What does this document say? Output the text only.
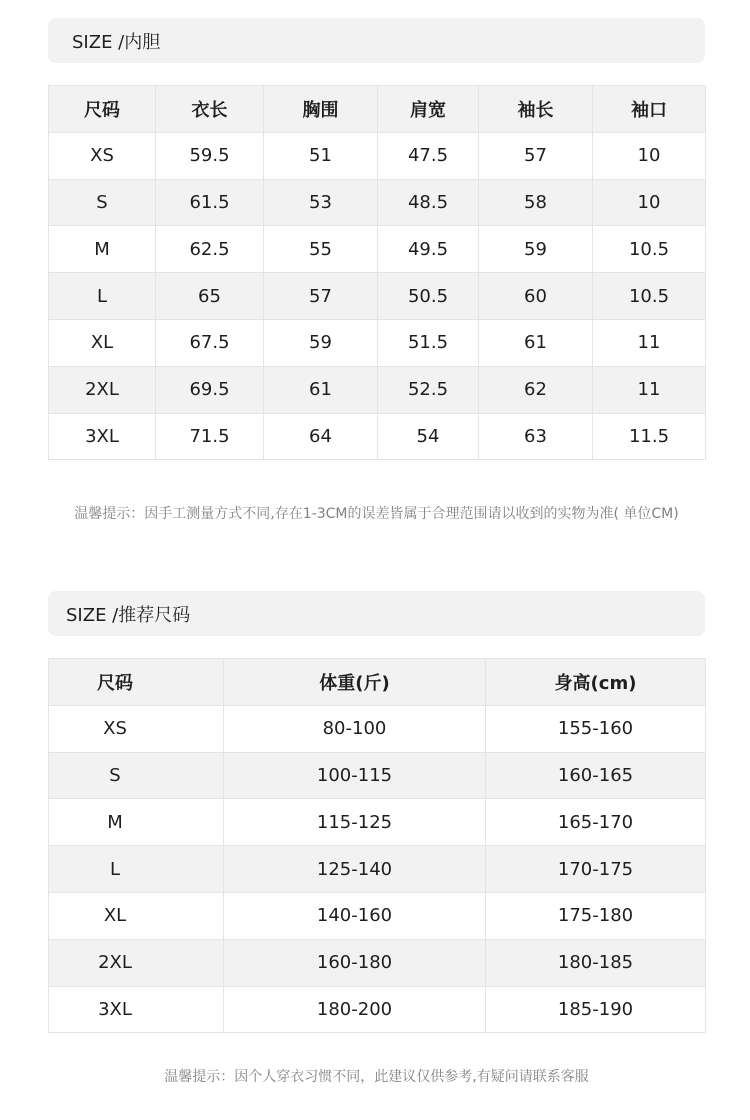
SIZE /内胆
尺码	衣长	胸围	肩宽	袖长	袖口
XS	59.5	51	47.5	57	10
S	61.5	53	48.5	58	10
M	62.5	55	49.5	59	10.5
L	65	57	50.5	60	10.5
XL	67.5	59	51.5	61	11
2XL	69.5	61	52.5	62	11
3XL	71.5	64	54	63	11.5
温馨提示：因手工测量方式不同,存在1-3CM的误差皆属于合理范围请以收到的实物为准( 单位CM)
SIZE /推荐尺码
尺码	体重(斤)	身高(cm)
XS	80-100	155-160
S	100-115	160-165
M	115-125	165-170
L	125-140	170-175
XL	140-160	175-180
2XL	160-180	180-185
3XL	180-200	185-190
温馨提示：因个人穿衣习惯不同，此建议仅供参考,有疑问请联系客服
